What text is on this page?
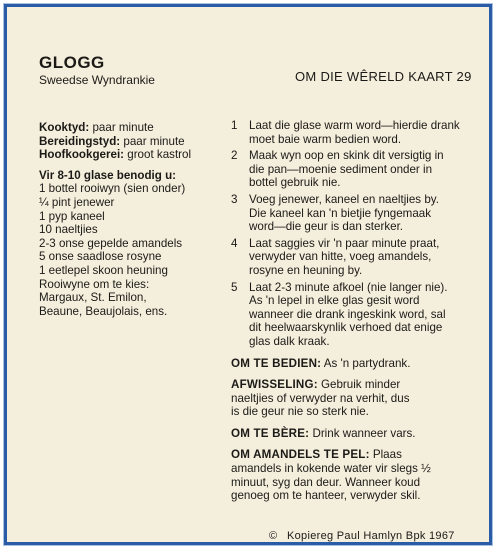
GLOGG
Sweedse Wyndrankie	OM DIE WÊRELD KAART 29
Kooktyd: paar minute
Bereidingstyd: paar minute
Hoofkookgerei: groot kastrol
Vir 8-10 glase benodig u:
1 bottel rooiwyn (sien onder)
¼ pint jenewer
1 pyp kaneel
10 naeltjies
2-3 onse gepelde amandels
5 onse saadlose rosyne
1 eetlepel skoon heuning
Rooiwyne om te kies:
Margaux, St. Emilon,
Beaune, Beaujolais, ens.
1 Laat die glase warm word—hierdie drank
moet baie warm bedien word.
2 Maak wyn oop en skink dit versigtig in
die pan—moenie sediment onder in
bottel gebruik nie.
3 Voeg jenewer, kaneel en naeltjies by.
Die kaneel kan 'n bietjie fyngemaak
word—die geur is dan sterker.
4 Laat saggies vir 'n paar minute praat,
verwyder van hitte, voeg amandels,
rosyne en heuning by.
5 Laat 2-3 minute afkoel (nie langer nie).
As 'n lepel in elke glas gesit word
wanneer die drank ingeskink word, sal
dit heelwaarskynlik verhoed dat enige
glas dalk kraak.
OM TE BEDIEN: As 'n partydrank.
AFWISSELING: Gebruik minder
naeltjies of verwyder na verhit, dus
is die geur nie so sterk nie.
OM TE BÈRE: Drink wanneer vars.
OM AMANDELS TE PEL: Plaas
amandels in kokende water vir slegs ½
minuut, syg dan deur. Wanneer koud
genoeg om te hanteer, verwyder skil.
© Kopiereg Paul Hamlyn Bpk 1967
